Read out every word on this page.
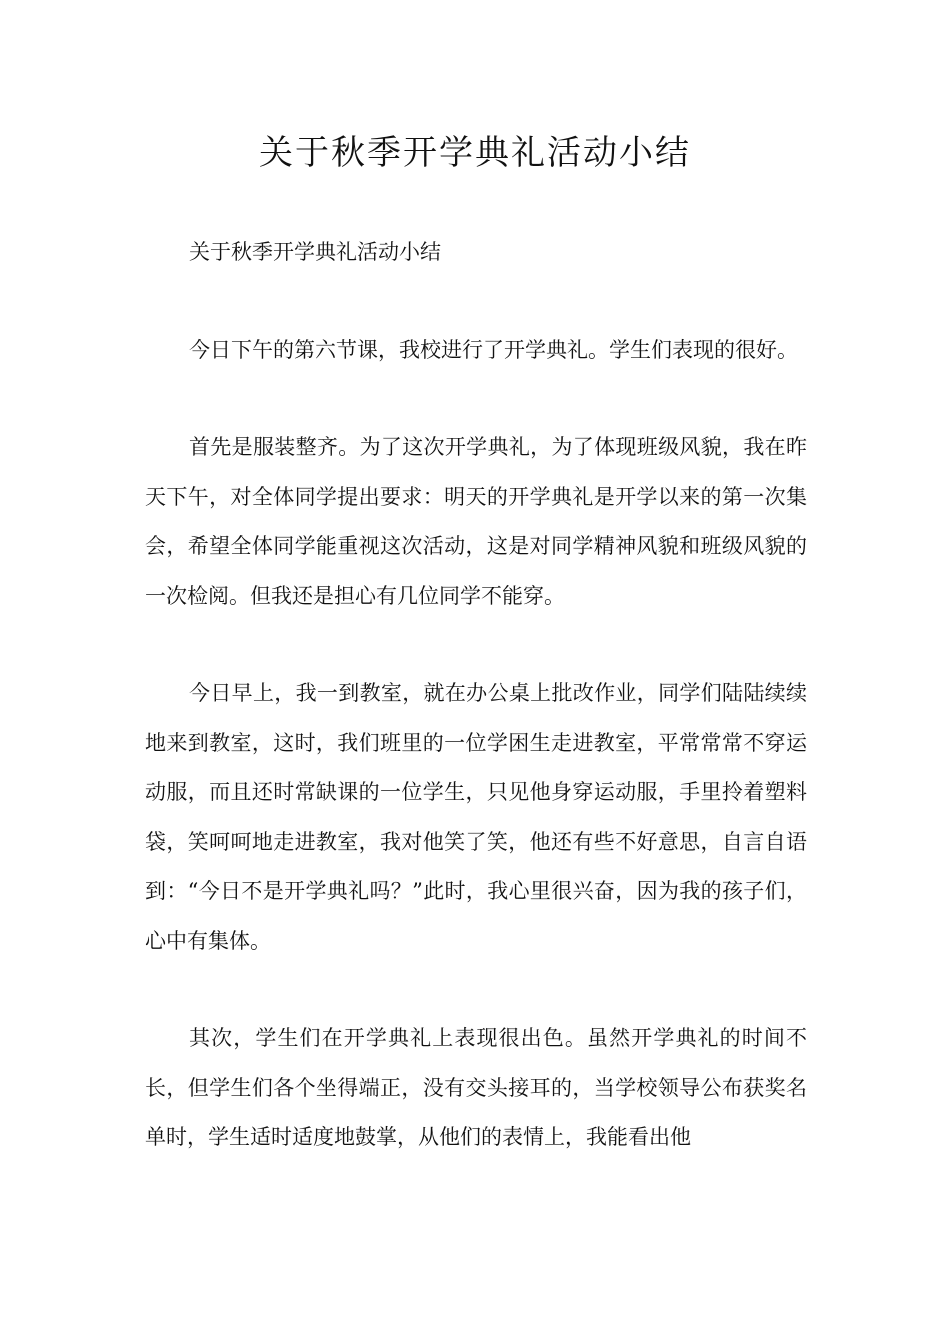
关于秋季开学典礼活动小结

关于秋季开学典礼活动小结

今日下午的第六节课，我校进行了开学典礼。学生们表现的很好。

首先是服装整齐。为了这次开学典礼，为了体现班级风貌，我在昨天下午，对全体同学提出要求：明天的开学典礼是开学以来的第一次集会，希望全体同学能重视这次活动，这是对同学精神风貌和班级风貌的一次检阅。但我还是担心有几位同学不能穿。

今日早上，我一到教室，就在办公桌上批改作业，同学们陆陆续续地来到教室，这时，我们班里的一位学困生走进教室，平常常常不穿运动服，而且还时常缺课的一位学生，只见他身穿运动服，手里拎着塑料袋，笑呵呵地走进教室，我对他笑了笑，他还有些不好意思，自言自语到：“今日不是开学典礼吗？”此时，我心里很兴奋，因为我的孩子们，心中有集体。

其次，学生们在开学典礼上表现很出色。虽然开学典礼的时间不长，但学生们各个坐得端正，没有交头接耳的，当学校领导公布获奖名单时，学生适时适度地鼓掌，从他们的表情上，我能看出他
